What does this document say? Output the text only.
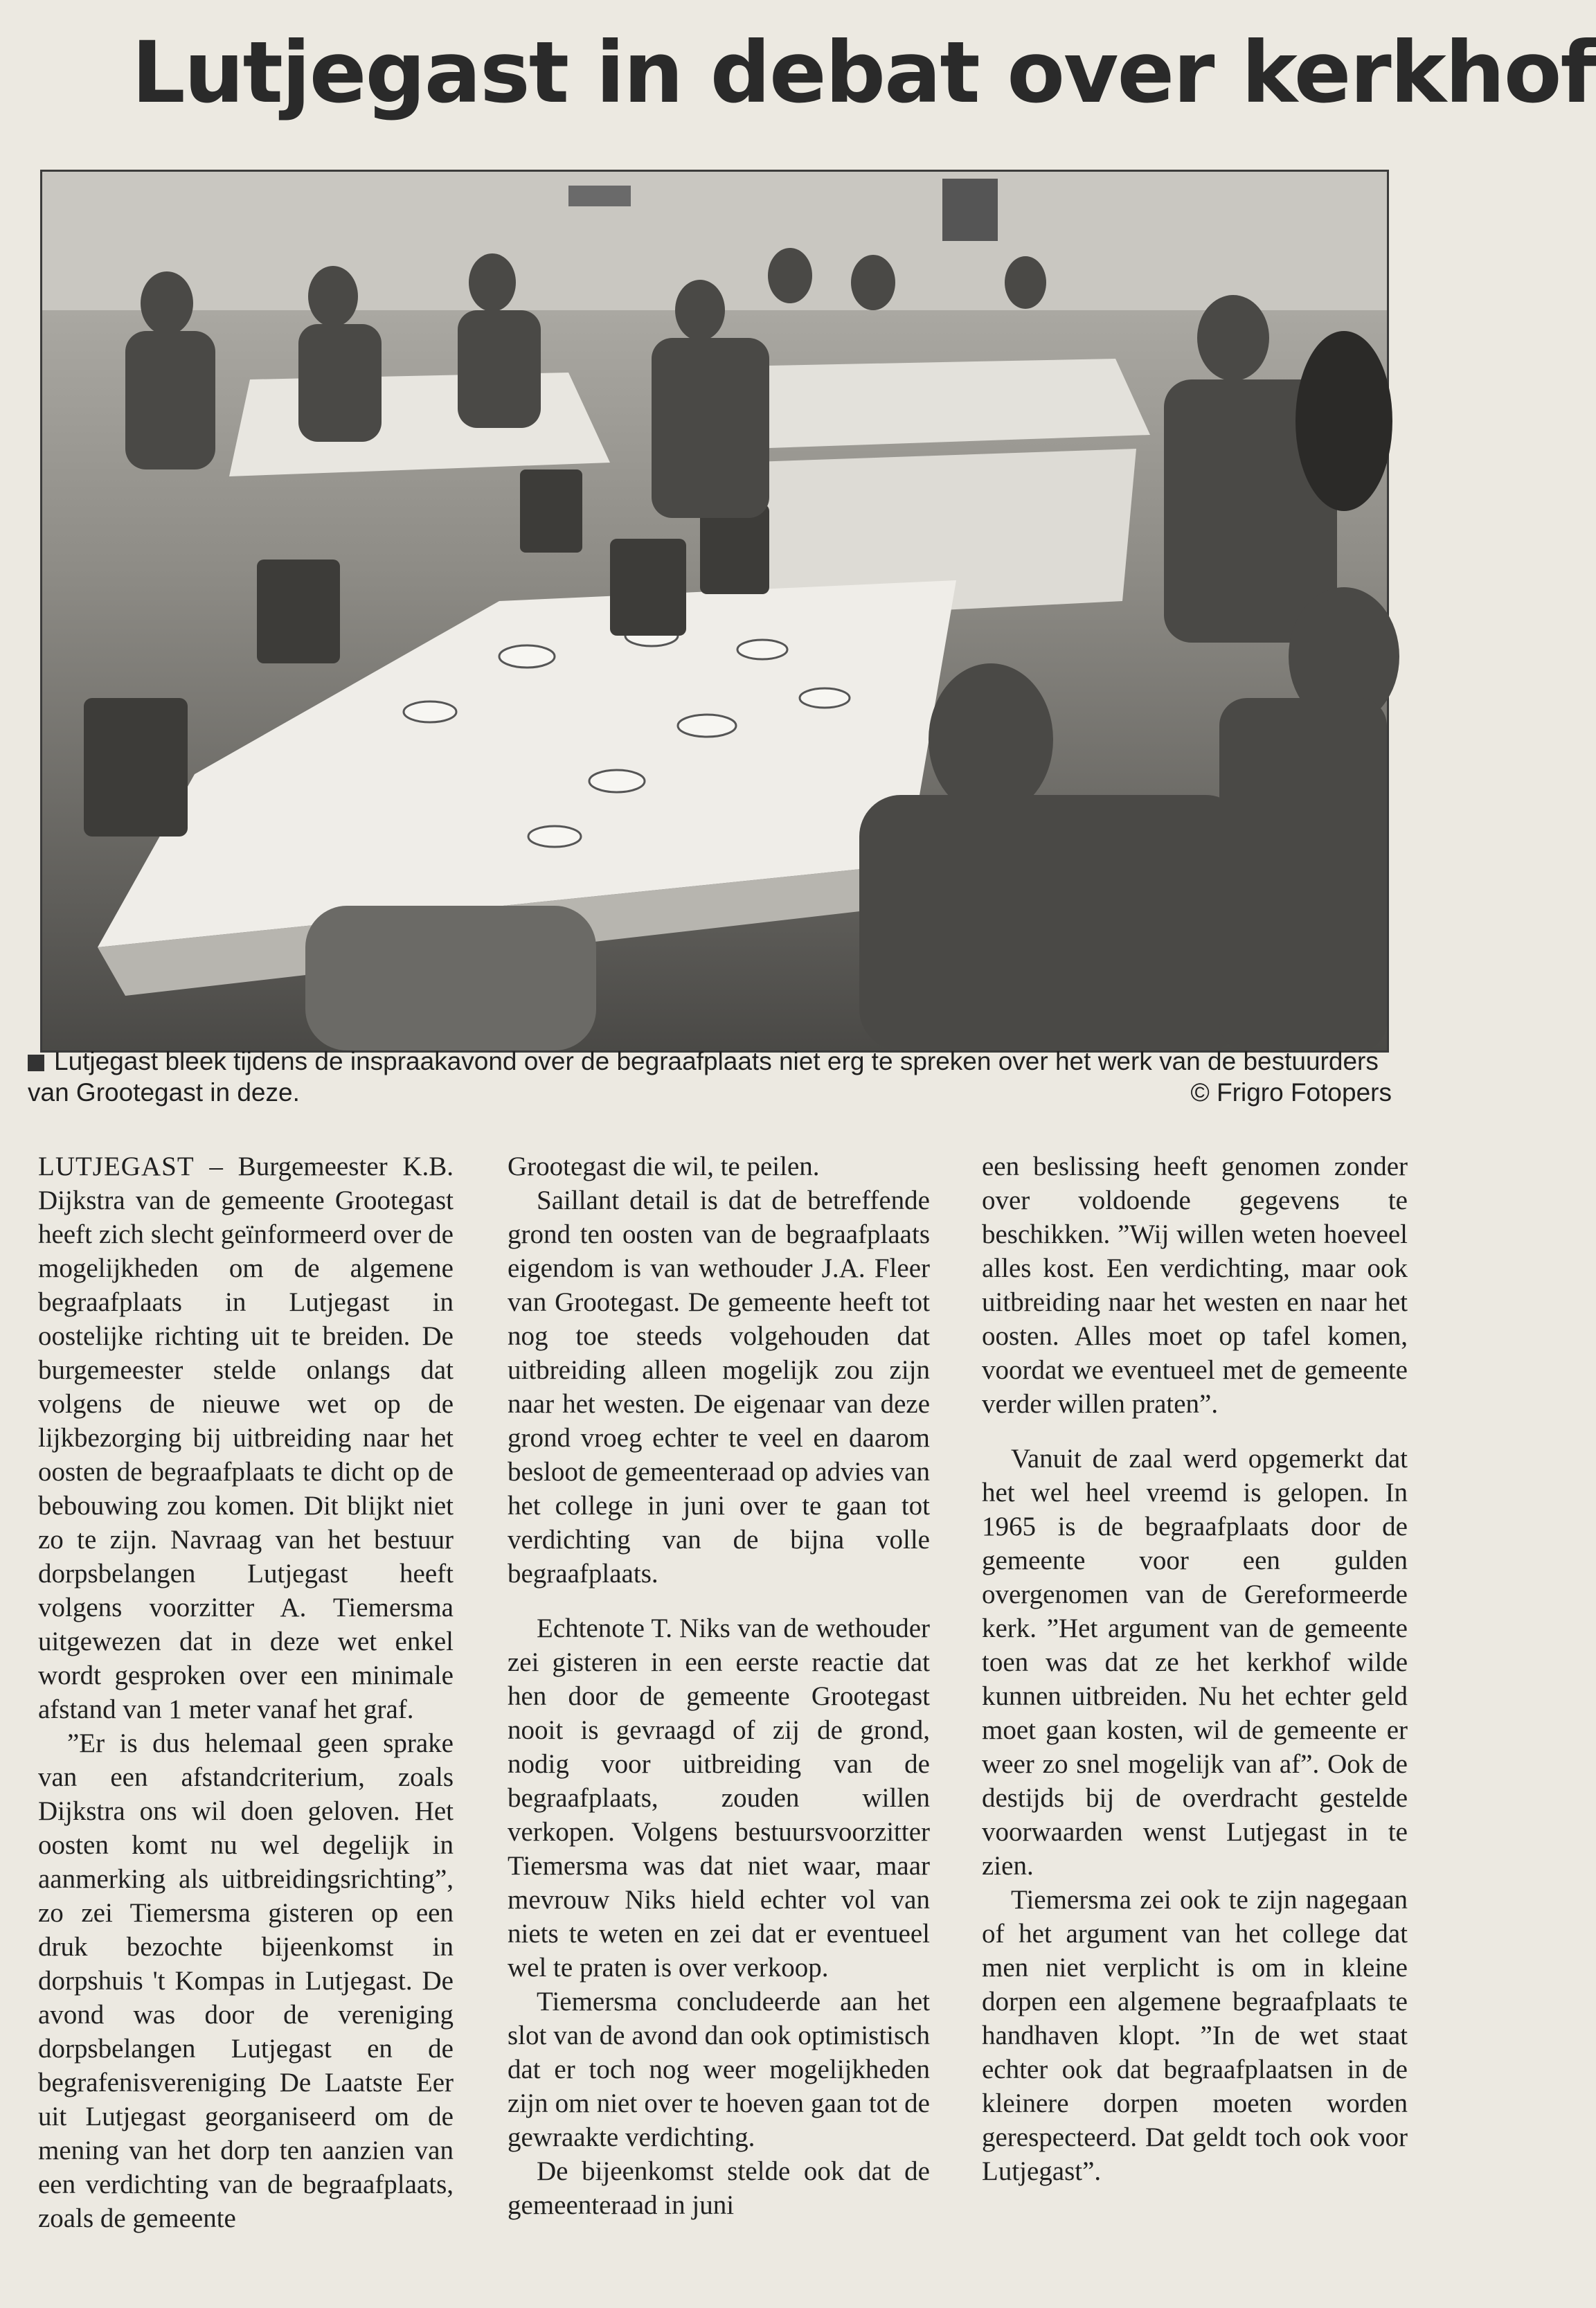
Lutjegast in debat over kerkhof
Lutjegast bleek tijdens de inspraakavond over de begraafplaats niet erg te spreken over het werk van de bestuurders van Grootegast in deze.	© Frigro Fotopers

LUTJEGAST – Burgemeester K.B. Dijkstra van de gemeente Grootegast heeft zich slecht geïnformeerd over de mogelijkheden om de algemene begraafplaats in Lutjegast in oostelijke richting uit te breiden. De burgemeester stelde onlangs dat volgens de nieuwe wet op de lijkbezorging bij uitbreiding naar het oosten de begraafplaats te dicht op de bebouwing zou komen. Dit blijkt niet zo te zijn. Navraag van het bestuur dorpsbelangen Lutjegast heeft volgens voorzitter A. Tiemersma uitgewezen dat in deze wet enkel wordt gesproken over een minimale afstand van 1 meter vanaf het graf.

”Er is dus helemaal geen sprake van een afstandcriterium, zoals Dijkstra ons wil doen geloven. Het oosten komt nu wel degelijk in aanmerking als uitbreidingsrichting”, zo zei Tiemersma gisteren op een druk bezochte bijeenkomst in dorpshuis 't Kompas in Lutjegast. De avond was door de vereniging dorpsbelangen Lutjegast en de begrafenisvereniging De Laatste Eer uit Lutjegast georganiseerd om de mening van het dorp ten aanzien van een verdichting van de begraafplaats, zoals de gemeente

Grootegast die wil, te peilen.

Saillant detail is dat de betreffende grond ten oosten van de begraafplaats eigendom is van wethouder J.A. Fleer van Grootegast. De gemeente heeft tot nog toe steeds volgehouden dat uitbreiding alleen mogelijk zou zijn naar het westen. De eigenaar van deze grond vroeg echter te veel en daarom besloot de gemeenteraad op advies van het college in juni over te gaan tot verdichting van de bijna volle begraafplaats.

Echtenote T. Niks van de wethouder zei gisteren in een eerste reactie dat hen door de gemeente Grootegast nooit is gevraagd of zij de grond, nodig voor uitbreiding van de begraafplaats, zouden willen verkopen. Volgens bestuursvoorzitter Tiemersma was dat niet waar, maar mevrouw Niks hield echter vol van niets te weten en zei dat er eventueel wel te praten is over verkoop.

Tiemersma concludeerde aan het slot van de avond dan ook optimistisch dat er toch nog weer mogelijkheden zijn om niet over te hoeven gaan tot de gewraakte verdichting.

De bijeenkomst stelde ook dat de gemeenteraad in juni

een beslissing heeft genomen zonder over voldoende gegevens te beschikken. ”Wij willen weten hoeveel alles kost. Een verdichting, maar ook uitbreiding naar het westen en naar het oosten. Alles moet op tafel komen, voordat we eventueel met de gemeente verder willen praten”.

Vanuit de zaal werd opgemerkt dat het wel heel vreemd is gelopen. In 1965 is de begraafplaats door de gemeente voor een gulden overgenomen van de Gereformeerde kerk. ”Het argument van de gemeente toen was dat ze het kerkhof wilde kunnen uitbreiden. Nu het echter geld moet gaan kosten, wil de gemeente er weer zo snel mogelijk van af”. Ook de destijds bij de overdracht gestelde voorwaarden wenst Lutjegast in te zien.

Tiemersma zei ook te zijn nagegaan of het argument van het college dat men niet verplicht is om in kleine dorpen een algemene begraafplaats te handhaven klopt. ”In de wet staat echter ook dat begraafplaatsen in de kleinere dorpen moeten worden gerespecteerd. Dat geldt toch ook voor Lutjegast”.
